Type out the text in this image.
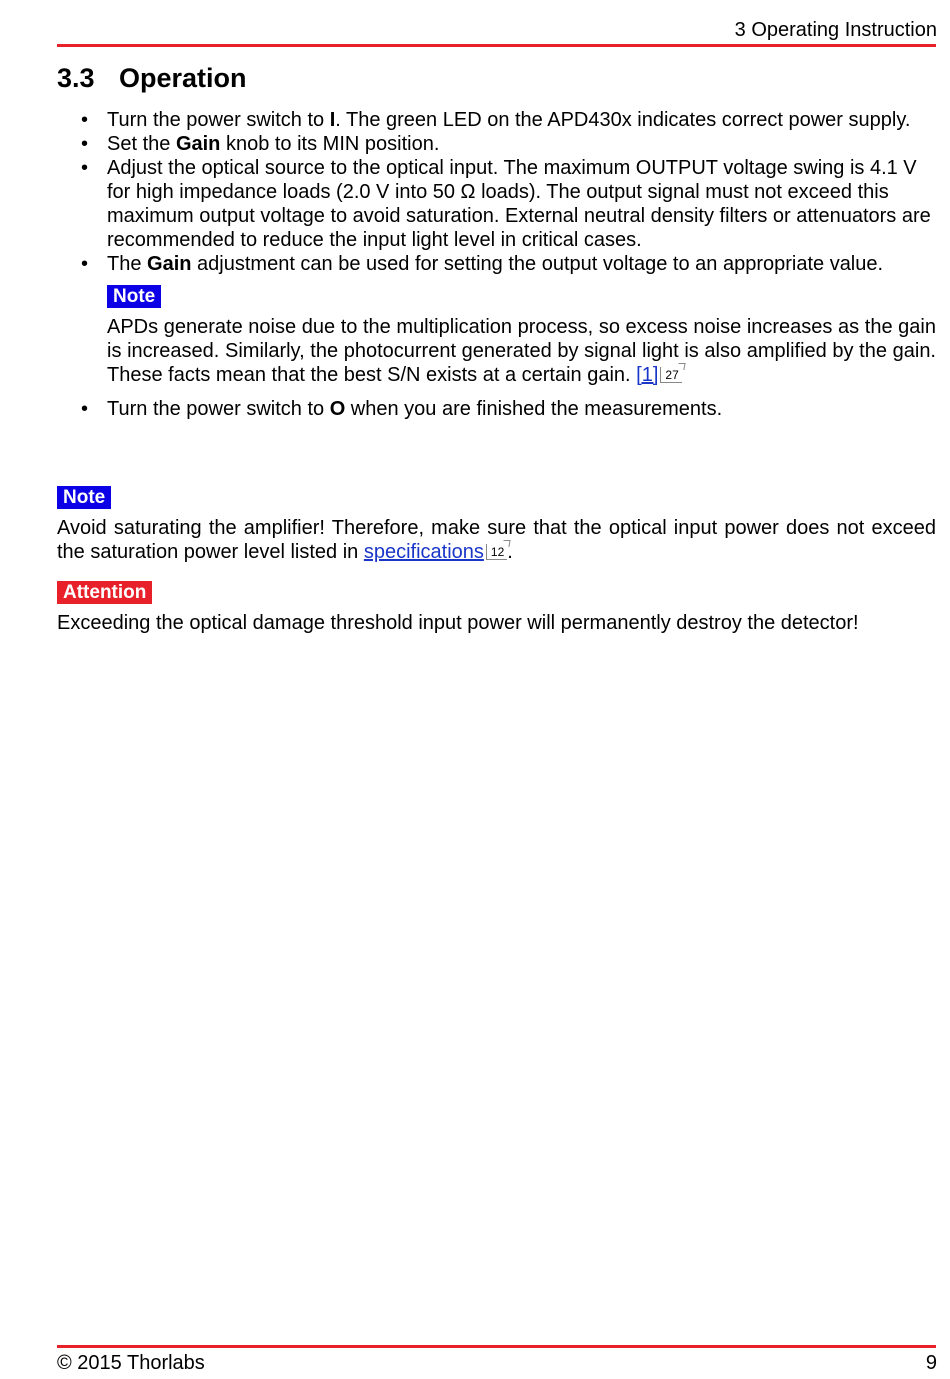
3 Operating Instruction
3.3 Operation
• Turn the power switch to I. The green LED on the APD430x indicates correct power supply.
• Set the Gain knob to its MIN position.
• Adjust the optical source to the optical input. The maximum OUTPUT voltage swing is 4.1 V for high impedance loads (2.0 V into 50 Ω loads). The output signal must not exceed this maximum output voltage to avoid saturation. External neutral density filters or attenuators are recommended to reduce the input light level in critical cases.
• The Gain adjustment can be used for setting the output voltage to an appropriate value.
Note
APDs generate noise due to the multiplication process, so excess noise increases as the gain is increased. Similarly, the photocurrent generated by signal light is also amplified by the gain. These facts mean that the best S/N exists at a certain gain. [1] 27
• Turn the power switch to O when you are finished the measurements.
Note
Avoid saturating the amplifier! Therefore, make sure that the optical input power does not exceed the saturation power level listed in specifications 12 .
Attention
Exceeding the optical damage threshold input power will permanently destroy the detector!
© 2015 Thorlabs	9
